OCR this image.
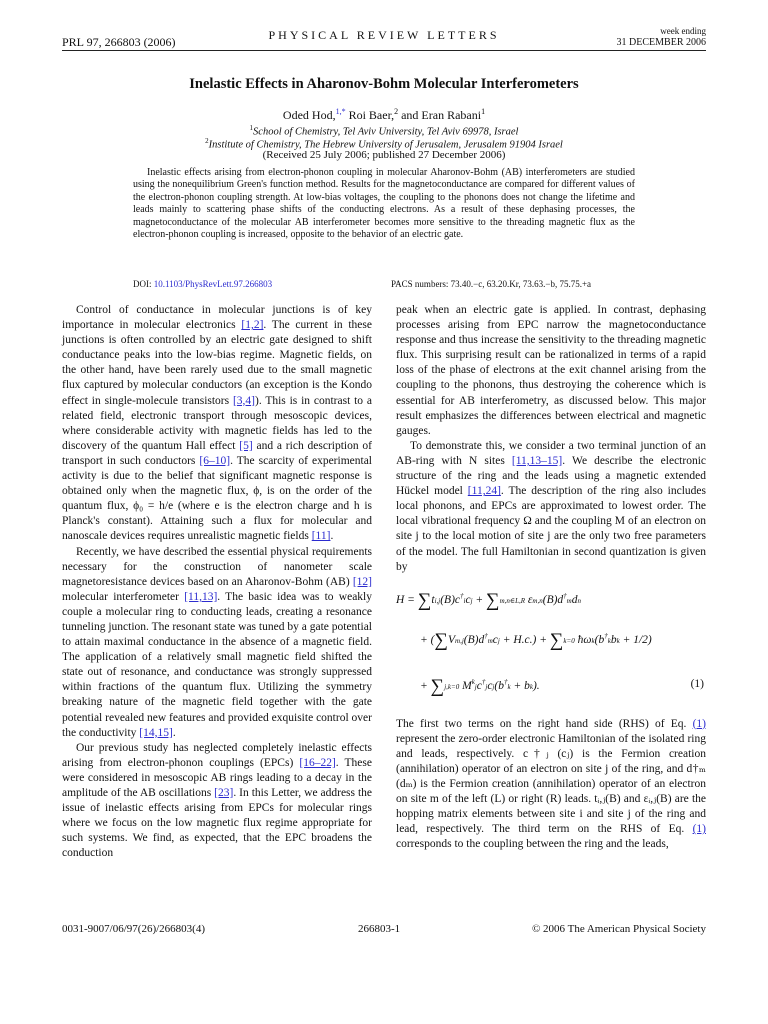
PRL 97, 266803 (2006)	PHYSICAL REVIEW LETTERS	week ending
31 DECEMBER 2006
Inelastic Effects in Aharonov-Bohm Molecular Interferometers
Oded Hod,$^{1,*}$ Roi Baer,$^2$ and Eran Rabani$^1$
$^1$School of Chemistry, Tel Aviv University, Tel Aviv 69978, Israel
$^2$Institute of Chemistry, The Hebrew University of Jerusalem, Jerusalem 91904 Israel
(Received 25 July 2006; published 27 December 2006)
Inelastic effects arising from electron-phonon coupling in molecular Aharonov-Bohm (AB) interferometers are studied using the nonequilibrium Green's function method. Results for the magnetoconductance are compared for different values of the electron-phonon coupling strength. At low-bias voltages, the coupling to the phonons does not change the lifetime and leads mainly to scattering phase shifts of the conducting electrons. As a result of these dephasing processes, the magnetoconductance of the molecular AB interferometer becomes more sensitive to the threading magnetic flux as the electron-phonon coupling is increased, opposite to the behavior of an electric gate.
DOI: 10.1103/PhysRevLett.97.266803	PACS numbers: 73.40.−c, 63.20.Kr, 73.63.−b, 75.75.+a

Control of conductance in molecular junctions is of key importance in molecular electronics [1,2]. The current in these junctions is often controlled by an electric gate designed to shift conductance peaks into the low-bias regime. Magnetic fields, on the other hand, have been rarely used due to the small magnetic flux captured by molecular conductors (an exception is the Kondo effect in single-molecule transistors [3,4]). This is in contrast to a related field, electronic transport through mesoscopic devices, where considerable activity with magnetic fields has led to the discovery of the quantum Hall effect [5] and a rich description of transport in such conductors [6–10]. The scarcity of experimental activity is due to the belief that significant magnetic response is obtained only when the magnetic flux, ϕ, is on the order of the quantum flux, ϕ₀ = h/e (where e is the electron charge and h is Planck's constant). Attaining such a flux for molecular and nanoscale devices requires unrealistic magnetic fields [11].

Recently, we have described the essential physical requirements necessary for the construction of nanometer scale magnetoresistance devices based on an Aharonov-Bohm (AB) [12] molecular interferometer [11,13]. The basic idea was to weakly couple a molecular ring to conducting leads, creating a resonance tunneling junction. The resonant state was tuned by a gate potential to attain maximal conductance in the absence of a magnetic field. The application of a relatively small magnetic field shifted the state out of resonance, and conductance was strongly suppressed within fractions of the quantum flux. Utilizing the symmetry breaking nature of the magnetic field together with the gate potential revealed new features and provided exquisite control over the conductivity [14,15].

Our previous study has neglected completely inelastic effects arising from electron-phonon couplings (EPCs) [16–22]. These were considered in mesoscopic AB rings leading to a decay in the amplitude of the AB oscillations [23]. In this Letter, we address the issue of inelastic effects arising from EPCs for molecular rings where we focus on the low magnetic flux regime appropriate for such systems. We find, as expected, that the EPC broadens the conduction

peak when an electric gate is applied. In contrast, dephasing processes arising from EPC narrow the magnetoconductance response and thus increase the sensitivity to the threading magnetic flux. This surprising result can be rationalized in terms of a rapid loss of the phase of electrons at the exit channel arising from the coupling to the phonons, thus destroying the coherence which is essential for AB interferometry, as discussed below. This major result emphasizes the differences between electrical and magnetic gauges.

To demonstrate this, we consider a two terminal junction of an AB-ring with N sites [11,13–15]. We describe the electronic structure of the ring and the leads using a magnetic extended Hückel model [11,24]. The description of the ring also includes local phonons, and EPCs are approximated to lowest order. The local vibrational frequency Ω and the coupling M of an electron on site j to the local motion of site j are the only two free parameters of the model. The full Hamiltonian in second quantization is given by

H = ∑ti,j(B)c†icj + ∑m,n∈L,R εm,n(B)d†mdn
+ (∑Vm,j(B)d†mcj + H.c.) + ∑k=0 ħωk(b†kbk + 1/2)
+ ∑j,k=0 $M^kjc^\dagger jcj(b^\dagger k + bk)$.	(1)

The first two terms on the right hand side (RHS) of Eq. (1) represent the zero-order electronic Hamiltonian of the isolated ring and leads, respectively. c†ⱼ (cⱼ) is the Fermion creation (annihilation) operator of an electron on site j of the ring, and d†ₘ (dₘ) is the Fermion creation (annihilation) operator of an electron on site m of the left (L) or right (R) leads. tᵢ,ⱼ(B) and εᵢ,ⱼ(B) are the hopping matrix elements between site i and site j of the ring and lead, respectively. The third term on the RHS of Eq. (1) corresponds to the coupling between the ring and the leads,

0031-9007/06/97(26)/266803(4)	266803-1	© 2006 The American Physical Society
